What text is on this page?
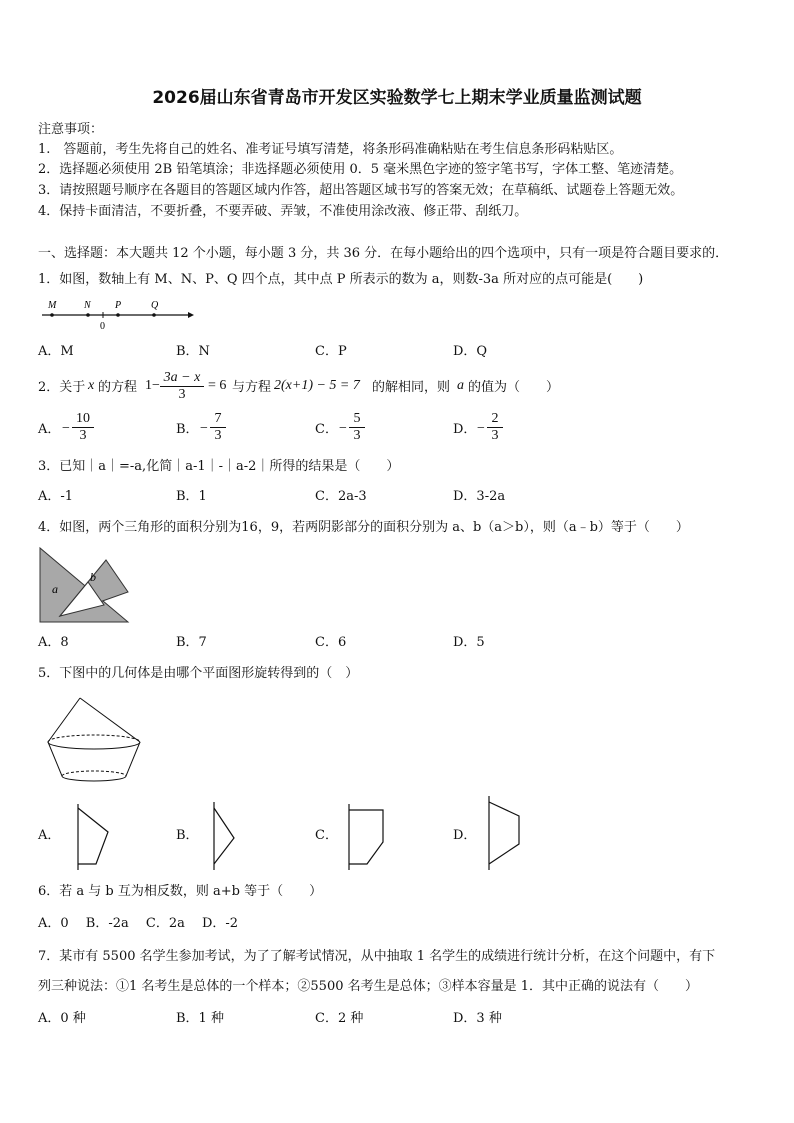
2026届山东省青岛市开发区实验数学七上期末学业质量监测试题
注意事项：
1.　答题前，考生先将自己的姓名、准考证号填写清楚，将条形码准确粘贴在考生信息条形码粘贴区。
2．选择题必须使用 2B 铅笔填涂；非选择题必须使用 0．5 毫米黑色字迹的签字笔书写，字体工整、笔迹清楚。
3．请按照题号顺序在各题目的答题区域内作答，超出答题区域书写的答案无效；在草稿纸、试题卷上答题无效。
4．保持卡面清洁，不要折叠，不要弄破、弄皱，不准使用涂改液、修正带、刮纸刀。
一、选择题：本大题共 12 个小题，每小题 3 分，共 36 分．在每小题给出的四个选项中，只有一项是符合题目要求的．
1．如图，数轴上有 M、N、P、Q 四个点，其中点 P 所表示的数为 a，则数-3a 所对应的点可能是(　　)
M	N P	Q
0
A．M	B．N	C．P	D．Q
2．关于 x 的方程 $1- \frac{3a - x}{3} = 6$ 与方程 2(x+1) − 5 = 7 的解相同，则 a 的值为（　　）
A． − $\frac{10}{3}$	B． − $\frac{7}{3}$	C． − $\frac{5}{3}$	D． − $\frac{2}{3}$
3．已知｜a｜=-a,化简｜a-1｜-｜a-2｜所得的结果是（　　）
A．-1	B．1	C．2a-3	D．3-2a
4．如图，两个三角形的面积分别为16，9，若两阴影部分的面积分别为 a、b（a＞b），则（a﹣b）等于（　　）
a
b
A．8	B．7	C．6	D．5
5．下图中的几何体是由哪个平面图形旋转得到的（　）
A．	B．	C．	D．
6．若 a 与 b 互为相反数，则 a+b 等于（　　）
A．0　 B．-2a　 C．2a　 D．-2
7．某市有 5500 名学生参加考试，为了了解考试情况，从中抽取 1 名学生的成绩进行统计分析，在这个问题中，有下
列三种说法：①1 名考生是总体的一个样本；②5500 名考生是总体；③样本容量是 1．其中正确的说法有（　　）
A．0 种	B．1 种	C．2 种	D．3 种
